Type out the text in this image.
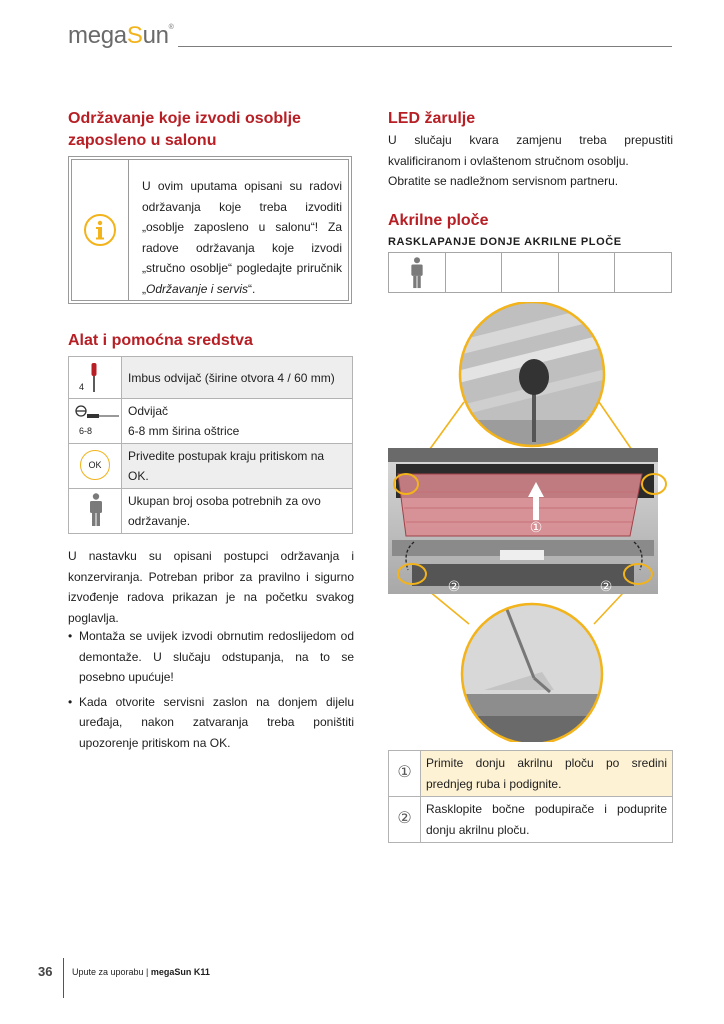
megaSun®
Održavanje koje izvodi osoblje zaposleno u salonu
U ovim uputama opisani su radovi održavanja koje treba izvoditi „osoblje zaposleno u salonu“! Za radove održavanja koje izvodi „stručno osoblje“ pogledajte priručnik „Održavanje i servis“.
Alat i pomoćna sredstva
4	Imbus odvijač (širine otvora 4 / 60 mm)

6-8	Odvijač
6-8 mm širina oštrice

OK	Privedite postupak kraju pritiskom na OK.

	Ukupan broj osoba potrebnih za ovo održavanje.
U nastavku su opisani postupci održavanja i konzerviranja. Potreban pribor za pravilno i sigurno izvođenje radova prikazan je na početku svakog poglavlja.
• Montaža se uvijek izvodi obrnutim redoslijedom od demontaže. U slučaju odstupanja, na to se posebno upućuje!
• Kada otvorite servisni zaslon na donjem dijelu uređaja, nakon zatvaranja treba poništiti upozorenje pritiskom na OK.
LED žarulje
U slučaju kvara zamjenu treba prepustiti kvalificiranom i ovlaštenom stručnom osoblju.
Obratite se nadležnom servisnom partneru.
Akrilne ploče
RASKLAPANJE DONJE AKRILNE PLOČE
①
②	②
①	Primite donju akrilnu ploču po sredini prednjeg ruba i podignite.
②	Rasklopite bočne podupirače i poduprite donju akrilnu ploču.
36 Upute za uporabu | megaSun K11
